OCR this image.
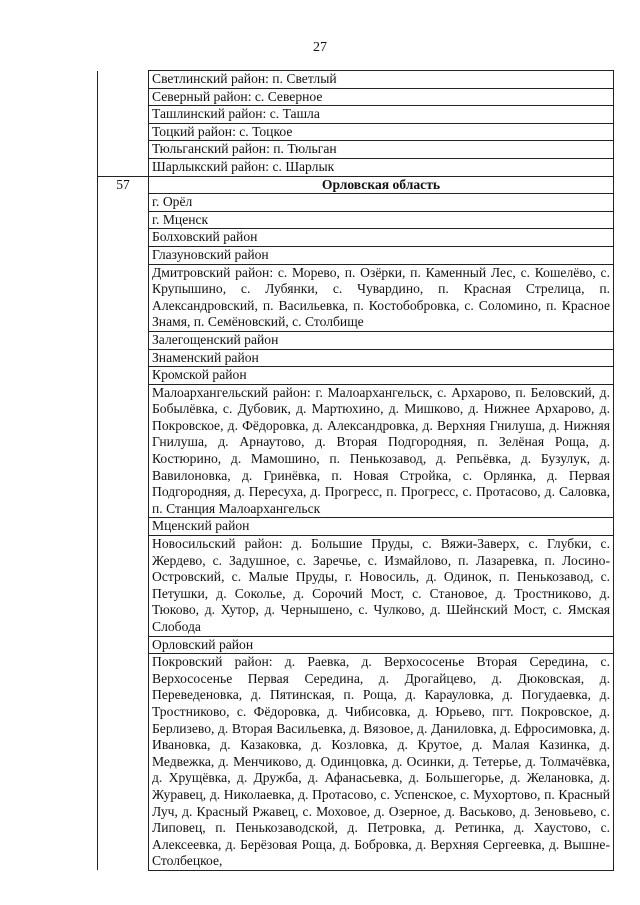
27
	Светлинский район: п. Светлый
	Северный район: с. Северное
	Ташлинский район: с. Ташла
	Тоцкий район: с. Тоцкое
	Тюльганский район: п. Тюльган
	Шарлыкский район: с. Шарлык
57	Орловская область
	г. Орёл
	г. Мценск
	Болховский район
	Глазуновский район
	Дмитровский район: с. Морево, п. Озёрки, п. Каменный Лес, с. Кошелёво, с. Крупышино, с. Лубянки, с. Чувардино, п. Красная Стрелица, п. Александровский, п. Васильевка, п. Костобобровка, с. Соломино, п. Красное Знамя, п. Семёновский, с. Столбище
	Залегощенский район
	Знаменский район
	Кромской район
	Малоархангельский район: г. Малоархангельск, с. Архарово, п. Беловский, д. Бобылёвка, с. Дубовик, д. Мартюхино, д. Мишково, д. Нижнее Архарово, д. Покровское, д. Фёдоровка, д. Александровка, д. Верхняя Гнилуша, д. Нижняя Гнилуша, д. Арнаутово, д. Вторая Подгородняя, п. Зелёная Роща, д. Костюрино, д. Мамошино, п. Пенькозавод, д. Репьёвка, д. Бузулук, д. Вавилоновка, д. Гринёвка, п. Новая Стройка, с. Орлянка, д. Первая Подгородняя, д. Пересуха, д. Прогресс, п. Прогресс, с. Протасово, д. Саловка, п. Станция Малоархангельск
	Мценский район
	Новосильский район: д. Большие Пруды, с. Вяжи-Заверх, с. Глубки, с. Жердево, с. Задушное, с. Заречье, с. Измайлово, п. Лазаревка, п. Лосино-Островский, с. Малые Пруды, г. Новосиль, д. Одинок, п. Пенькозавод, с. Петушки, д. Соколье, д. Сорочий Мост, с. Становое, д. Тростниково, д. Тюково, д. Хутор, д. Чернышено, с. Чулково, д. Шейнский Мост, с. Ямская Слобода
	Орловский район
	Покровский район: д. Раевка, д. Верхососенье Вторая Середина, с. Верхососенье Первая Середина, д. Дрогайцево, д. Дюковская, д. Переведеновка, д. Пятинская, п. Роща, д. Карауловка, д. Погудаевка, д. Тростниково, с. Фёдоровка, д. Чибисовка, д. Юрьево, пгт. Покровское, д. Берлизево, д. Вторая Васильевка, д. Вязовое, д. Даниловка, д. Ефросимовка, д. Ивановка, д. Казаковка, д. Козловка, д. Крутое, д. Малая Казинка, д. Медвежка, д. Менчиково, д. Одинцовка, д. Осинки, д. Тетерье, д. Толмачёвка, д. Хрущёвка, д. Дружба, д. Афанасьевка, д. Большегорье, д. Желановка, д. Журавец, д. Николаевка, д. Протасово, с. Успенское, с. Мухортово, п. Красный Луч, д. Красный Ржавец, с. Моховое, д. Озерное, д. Васьково, д. Зеновьево, с. Липовец, п. Пенькозаводской, д. Петровка, д. Ретинка, д. Хаустово, с. Алексеевка, д. Берёзовая Роща, д. Бобровка, д. Верхняя Сергеевка, д. Вышне-Столбецкое,
